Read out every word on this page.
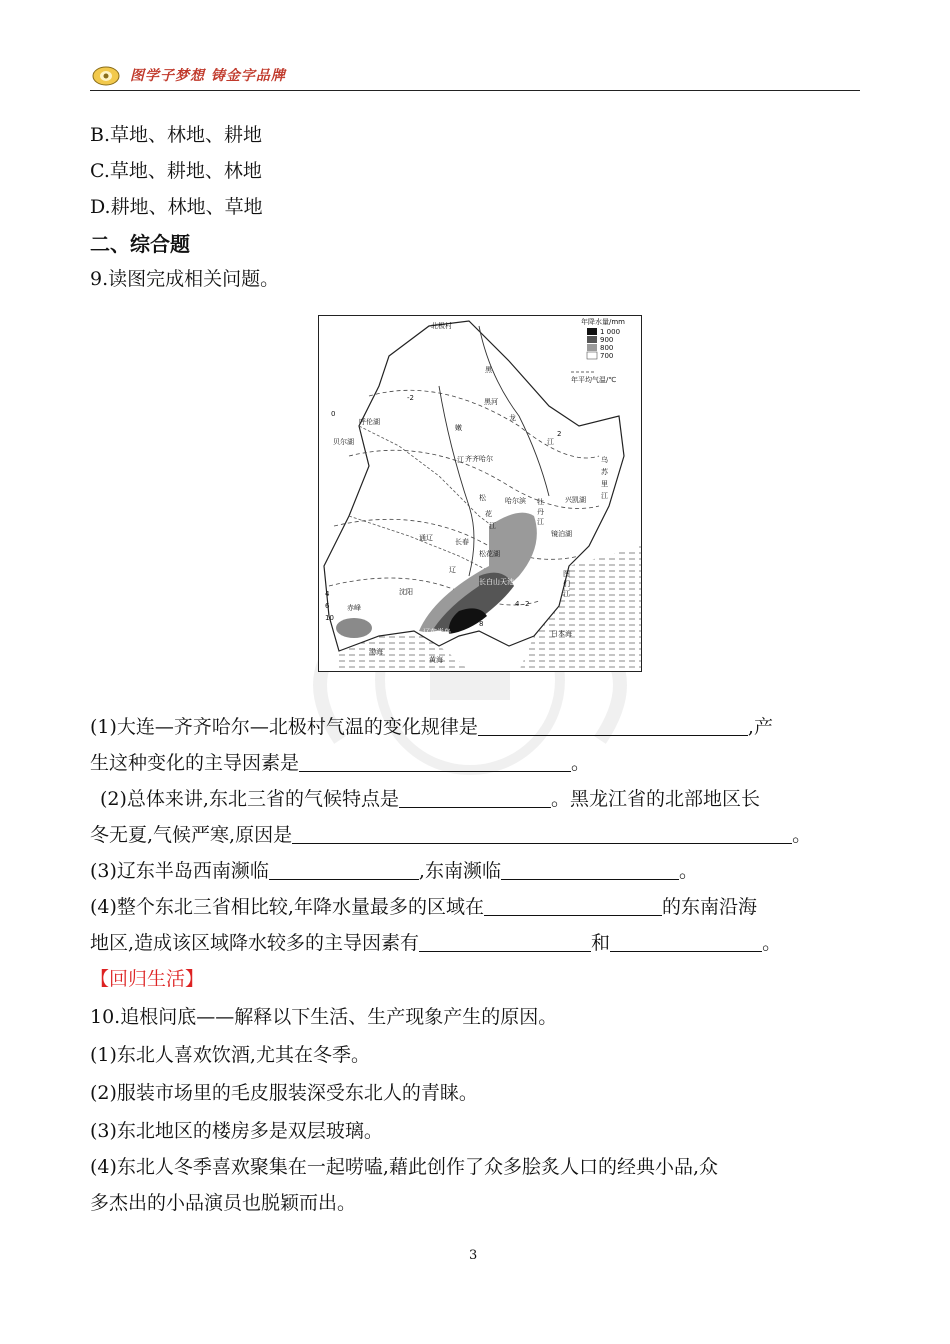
图学子梦想 铸金字品牌
B.草地、林地、耕地
C.草地、耕地、林地
D.耕地、林地、草地
二、综合题
9.读图完成相关问题。
年降水量/mm
1 000
900
800
700
年平均气温/℃
北极村
黑河
呼伦湖
贝尔湖
齐齐哈尔
哈尔滨	兴凯湖
镜泊湖
长春
松花湖
通辽
沈阳
赤峰
长白山天池
辽东半岛	日本海
渤海
黄海
黑
龙
江
嫩
江
松
花
江
牡
丹
江
乌
苏
里
江
辽	图
们
江
-2
0
2
4
6
8
10
4 2
(1)大连—齐齐哈尔—北极村气温的变化规律是	,产
生这种变化的主导因素是	。
(2)总体来讲,东北三省的气候特点是	。黑龙江省的北部地区长
冬无夏,气候严寒,原因是	。
(3)辽东半岛西南濒临	,东南濒临	。
(4)整个东北三省相比较,年降水量最多的区域在	的东南沿海
地区,造成该区域降水较多的主导因素有	和	。
【回归生活】
10.追根问底——解释以下生活、生产现象产生的原因。
(1)东北人喜欢饮酒,尤其在冬季。
(2)服装市场里的毛皮服装深受东北人的青睐。
(3)东北地区的楼房多是双层玻璃。
(4)东北人冬季喜欢聚集在一起唠嗑,藉此创作了众多脍炙人口的经典小品,众
多杰出的小品演员也脱颖而出。
3
